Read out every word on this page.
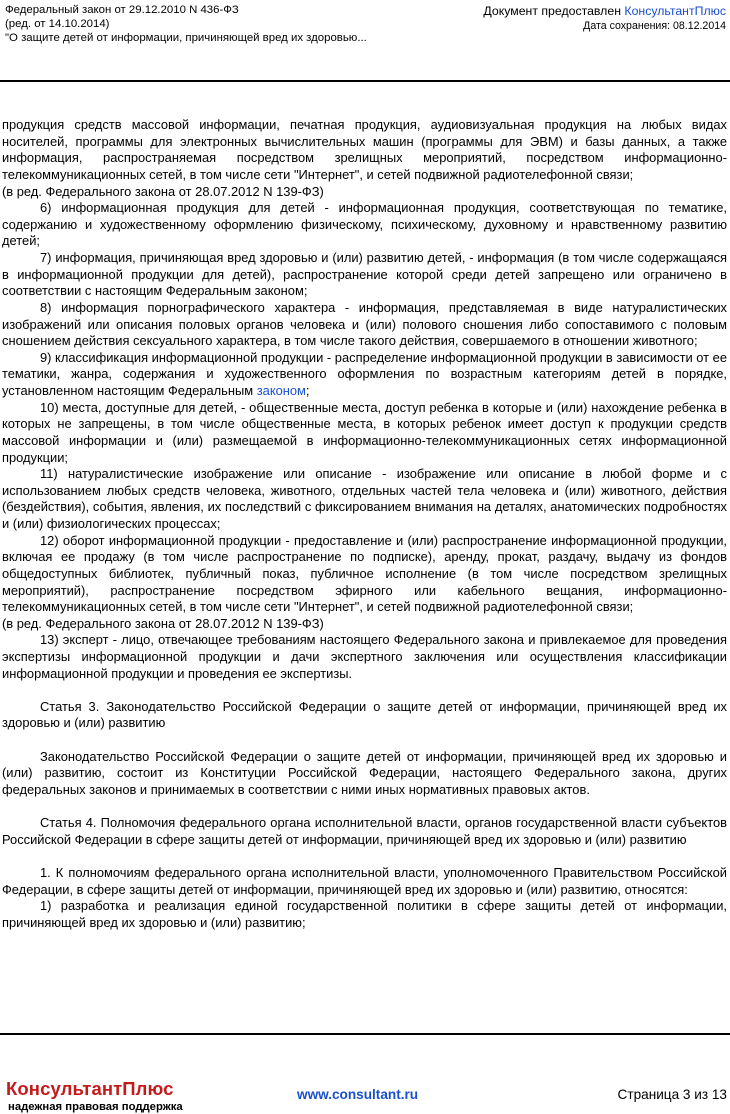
Федеральный закон от 29.12.2010 N 436-ФЗ
(ред. от 14.10.2014)
"О защите детей от информации, причиняющей вред их здоровью...
Документ предоставлен КонсультантПлюс
Дата сохранения: 08.12.2014

продукция средств массовой информации, печатная продукция, аудиовизуальная продукция на любых видах носителей, программы для электронных вычислительных машин (программы для ЭВМ) и базы данных, а также информация, распространяемая посредством зрелищных мероприятий, посредством информационно-телекоммуникационных сетей, в том числе сети "Интернет", и сетей подвижной радиотелефонной связи;

(в ред. Федерального закона от 28.07.2012 N 139-ФЗ)

6) информационная продукция для детей - информационная продукция, соответствующая по тематике, содержанию и художественному оформлению физическому, психическому, духовному и нравственному развитию детей;

7) информация, причиняющая вред здоровью и (или) развитию детей, - информация (в том числе содержащаяся в информационной продукции для детей), распространение которой среди детей запрещено или ограничено в соответствии с настоящим Федеральным законом;

8) информация порнографического характера - информация, представляемая в виде натуралистических изображений или описания половых органов человека и (или) полового сношения либо сопоставимого с половым сношением действия сексуального характера, в том числе такого действия, совершаемого в отношении животного;

9) классификация информационной продукции - распределение информационной продукции в зависимости от ее тематики, жанра, содержания и художественного оформления по возрастным категориям детей в порядке, установленном настоящим Федеральным законом;

10) места, доступные для детей, - общественные места, доступ ребенка в которые и (или) нахождение ребенка в которых не запрещены, в том числе общественные места, в которых ребенок имеет доступ к продукции средств массовой информации и (или) размещаемой в информационно-телекоммуникационных сетях информационной продукции;

11) натуралистические изображение или описание - изображение или описание в любой форме и с использованием любых средств человека, животного, отдельных частей тела человека и (или) животного, действия (бездействия), события, явления, их последствий с фиксированием внимания на деталях, анатомических подробностях и (или) физиологических процессах;

12) оборот информационной продукции - предоставление и (или) распространение информационной продукции, включая ее продажу (в том числе распространение по подписке), аренду, прокат, раздачу, выдачу из фондов общедоступных библиотек, публичный показ, публичное исполнение (в том числе посредством зрелищных мероприятий), распространение посредством эфирного или кабельного вещания, информационно-телекоммуникационных сетей, в том числе сети "Интернет", и сетей подвижной радиотелефонной связи;

(в ред. Федерального закона от 28.07.2012 N 139-ФЗ)

13) эксперт - лицо, отвечающее требованиям настоящего Федерального закона и привлекаемое для проведения экспертизы информационной продукции и дачи экспертного заключения или осуществления классификации информационной продукции и проведения ее экспертизы.

Статья 3. Законодательство Российской Федерации о защите детей от информации, причиняющей вред их здоровью и (или) развитию

Законодательство Российской Федерации о защите детей от информации, причиняющей вред их здоровью и (или) развитию, состоит из Конституции Российской Федерации, настоящего Федерального закона, других федеральных законов и принимаемых в соответствии с ними иных нормативных правовых актов.

Статья 4. Полномочия федерального органа исполнительной власти, органов государственной власти субъектов Российской Федерации в сфере защиты детей от информации, причиняющей вред их здоровью и (или) развитию

1. К полномочиям федерального органа исполнительной власти, уполномоченного Правительством Российской Федерации, в сфере защиты детей от информации, причиняющей вред их здоровью и (или) развитию, относятся:

1) разработка и реализация единой государственной политики в сфере защиты детей от информации, причиняющей вред их здоровью и (или) развитию;

КонсультантПлюс
надежная правовая поддержка
www.consultant.ru	Страница 3 из 13
